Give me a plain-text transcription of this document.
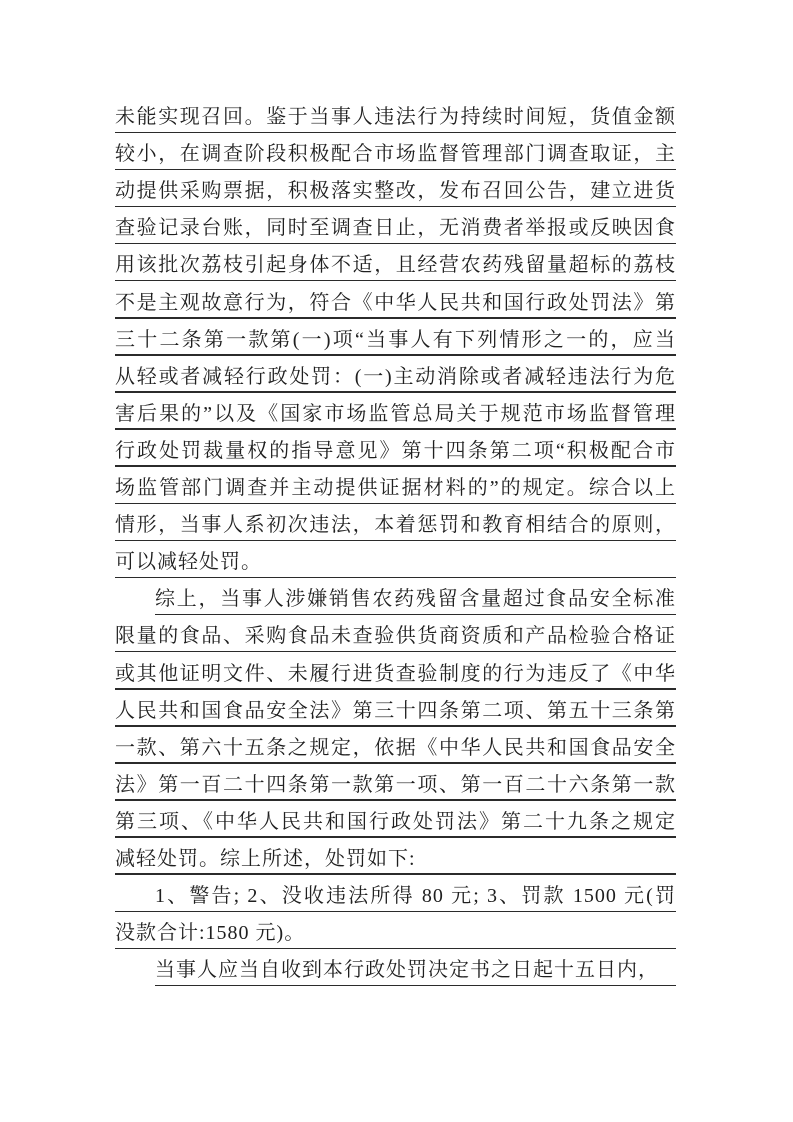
未能实现召回。鉴于当事人违法行为持续时间短，货值金额
较小，在调查阶段积极配合市场监督管理部门调查取证，主
动提供采购票据，积极落实整改，发布召回公告，建立进货
查验记录台账，同时至调查日止，无消费者举报或反映因食
用该批次荔枝引起身体不适，且经营农药残留量超标的荔枝
不是主观故意行为，符合《中华人民共和国行政处罚法》第
三十二条第一款第(一)项“当事人有下列情形之一的，应当
从轻或者减轻行政处罚：(一)主动消除或者减轻违法行为危
害后果的”以及《国家市场监管总局关于规范市场监督管理
行政处罚裁量权的指导意见》第十四条第二项“积极配合市
场监管部门调查并主动提供证据材料的”的规定。综合以上
情形，当事人系初次违法，本着惩罚和教育相结合的原则，
可以减轻处罚。
综上，当事人涉嫌销售农药残留含量超过食品安全标准
限量的食品、采购食品未查验供货商资质和产品检验合格证
或其他证明文件、未履行进货查验制度的行为违反了《中华
人民共和国食品安全法》第三十四条第二项、第五十三条第
一款、第六十五条之规定，依据《中华人民共和国食品安全
法》第一百二十四条第一款第一项、第一百二十六条第一款
第三项、《中华人民共和国行政处罚法》第二十九条之规定
减轻处罚。综上所述，处罚如下:
1、警告; 2、没收违法所得 80 元; 3、罚款 1500 元(罚
没款合计:1580 元)。
当事人应当自收到本行政处罚决定书之日起十五日内，
